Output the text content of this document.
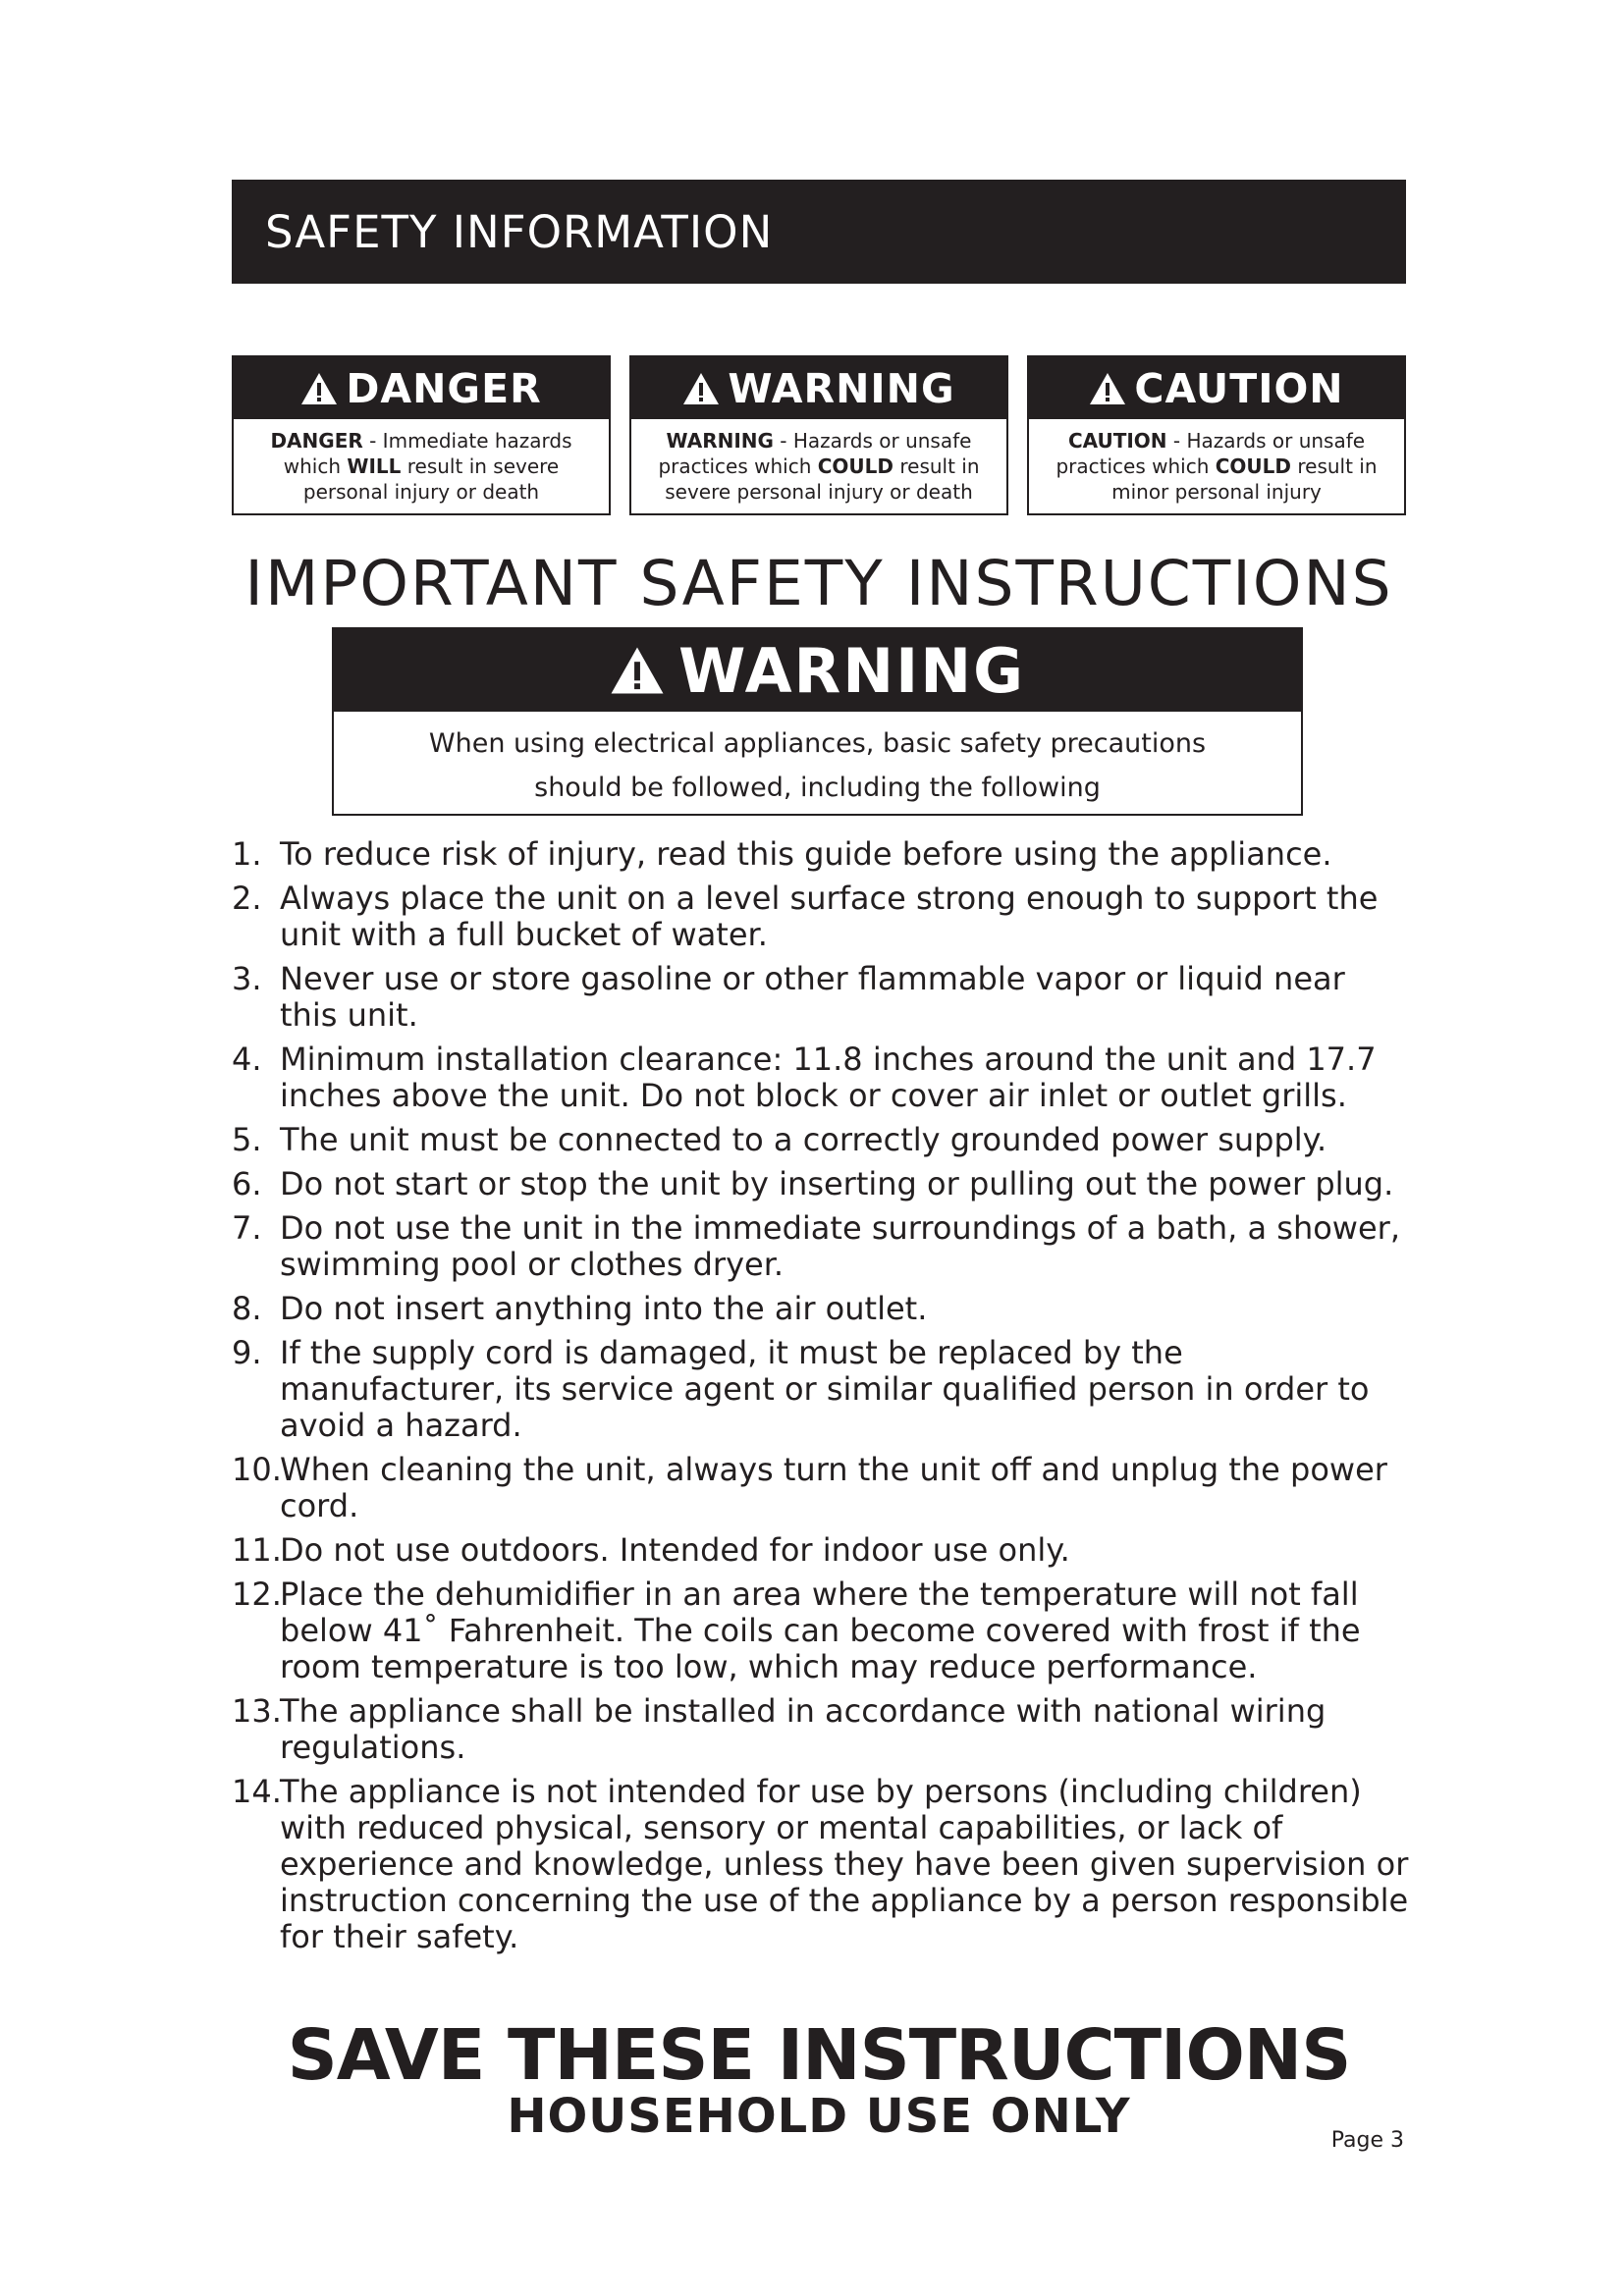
SAFETY INFORMATION
DANGER
DANGER - Immediate hazards
which WILL result in severe
personal injury or death
WARNING
WARNING - Hazards or unsafe
practices which COULD result in
severe personal injury or death
CAUTION
CAUTION - Hazards or unsafe
practices which COULD result in
minor personal injury
IMPORTANT SAFETY INSTRUCTIONS
WARNING
When using electrical appliances, basic safety precautions
should be followed, including the following
1. To reduce risk of injury, read this guide before using the appliance.
2. Always place the unit on a level surface strong enough to support the unit with a full bucket of water.
3. Never use or store gasoline or other flammable vapor or liquid near this unit.
4. Minimum installation clearance: 11.8 inches around the unit and 17.7 inches above the unit. Do not block or cover air inlet or outlet grills.
5. The unit must be connected to a correctly grounded power supply.
6. Do not start or stop the unit by inserting or pulling out the power plug.
7. Do not use the unit in the immediate surroundings of a bath, a shower, swimming pool or clothes dryer.
8. Do not insert anything into the air outlet.
9. If the supply cord is damaged, it must be replaced by the manufacturer, its service agent or similar qualified person in order to avoid a hazard.
10.
When cleaning the unit, always turn the unit off and unplug the power cord.
11.
Do not use outdoors. Intended for indoor use only.
12.
Place the dehumidifier in an area where the temperature will not fall below 41˚ Fahrenheit. The coils can become covered with frost if the room temperature is too low, which may reduce performance.
13.
The appliance shall be installed in accordance with national wiring regulations.
14.
The appliance is not intended for use by persons (including children) with reduced physical, sensory or mental capabilities, or lack of experience and knowledge, unless they have been given supervision or instruction concerning the use of the appliance by a person responsible for their safety.
SAVE THESE INSTRUCTIONS
HOUSEHOLD USE ONLY	Page 3
